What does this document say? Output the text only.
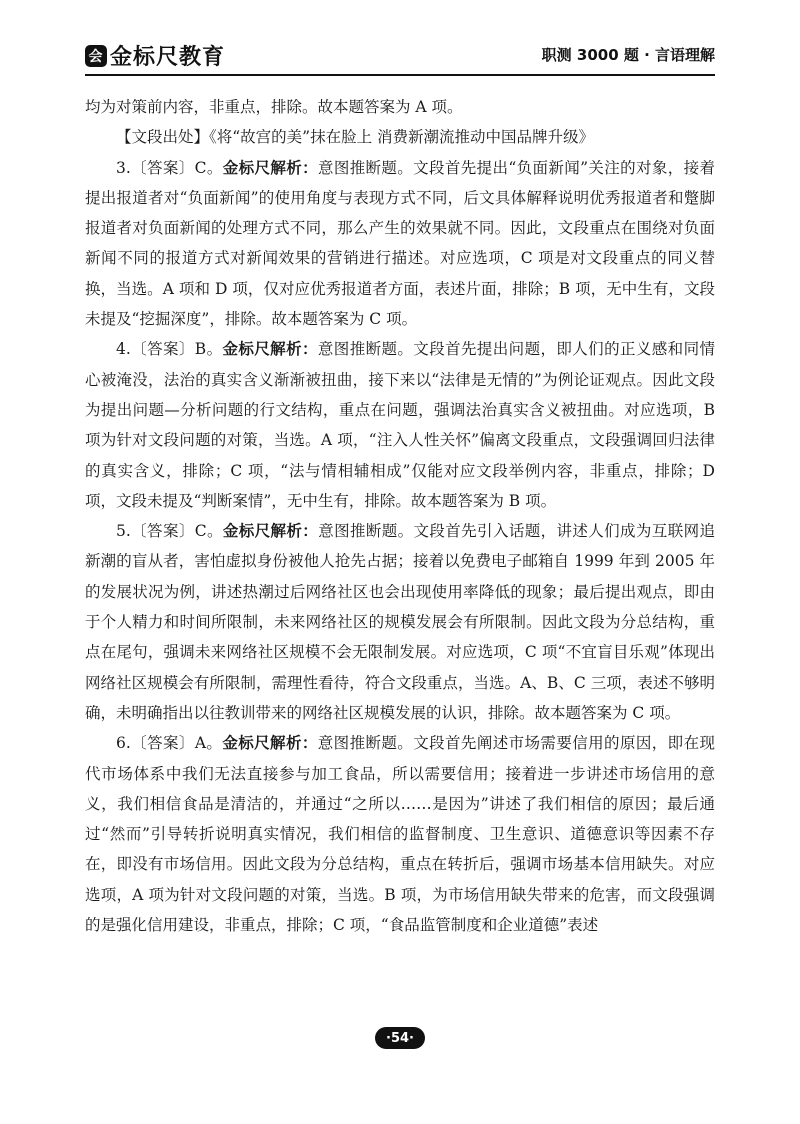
会 金标尺教育	职测 3000 题 · 言语理解

均为对策前内容，非重点，排除。故本题答案为 A 项。

【文段出处】《将“故宫的美”抹在脸上 消费新潮流推动中国品牌升级》

3.〔答案〕C。金标尺解析：意图推断题。文段首先提出“负面新闻”关注的对象，接着提出报道者对“负面新闻”的使用角度与表现方式不同，后文具体解释说明优秀报道者和蹩脚报道者对负面新闻的处理方式不同，那么产生的效果就不同。因此，文段重点在围绕对负面新闻不同的报道方式对新闻效果的营销进行描述。对应选项，C 项是对文段重点的同义替换，当选。A 项和 D 项，仅对应优秀报道者方面，表述片面，排除；B 项，无中生有，文段未提及“挖掘深度”，排除。故本题答案为 C 项。

4.〔答案〕B。金标尺解析：意图推断题。文段首先提出问题，即人们的正义感和同情心被淹没，法治的真实含义渐渐被扭曲，接下来以“法律是无情的”为例论证观点。因此文段为提出问题—分析问题的行文结构，重点在问题，强调法治真实含义被扭曲。对应选项，B 项为针对文段问题的对策，当选。A 项，“注入人性关怀”偏离文段重点，文段强调回归法律的真实含义，排除；C 项，“法与情相辅相成”仅能对应文段举例内容，非重点，排除；D 项，文段未提及“判断案情”，无中生有，排除。故本题答案为 B 项。

5.〔答案〕C。金标尺解析：意图推断题。文段首先引入话题，讲述人们成为互联网追新潮的盲从者，害怕虚拟身份被他人抢先占据；接着以免费电子邮箱自 1999 年到 2005 年的发展状况为例，讲述热潮过后网络社区也会出现使用率降低的现象；最后提出观点，即由于个人精力和时间所限制，未来网络社区的规模发展会有所限制。因此文段为分总结构，重点在尾句，强调未来网络社区规模不会无限制发展。对应选项，C 项“不宜盲目乐观”体现出网络社区规模会有所限制，需理性看待，符合文段重点，当选。A、B、C 三项，表述不够明确，未明确指出以往教训带来的网络社区规模发展的认识，排除。故本题答案为 C 项。

6.〔答案〕A。金标尺解析：意图推断题。文段首先阐述市场需要信用的原因，即在现代市场体系中我们无法直接参与加工食品，所以需要信用；接着进一步讲述市场信用的意义，我们相信食品是清洁的，并通过“之所以……是因为”讲述了我们相信的原因；最后通过“然而”引导转折说明真实情况，我们相信的监督制度、卫生意识、道德意识等因素不存在，即没有市场信用。因此文段为分总结构，重点在转折后，强调市场基本信用缺失。对应选项，A 项为针对文段问题的对策，当选。B 项，为市场信用缺失带来的危害，而文段强调的是强化信用建设，非重点，排除；C 项，“食品监管制度和企业道德”表述

·54·
